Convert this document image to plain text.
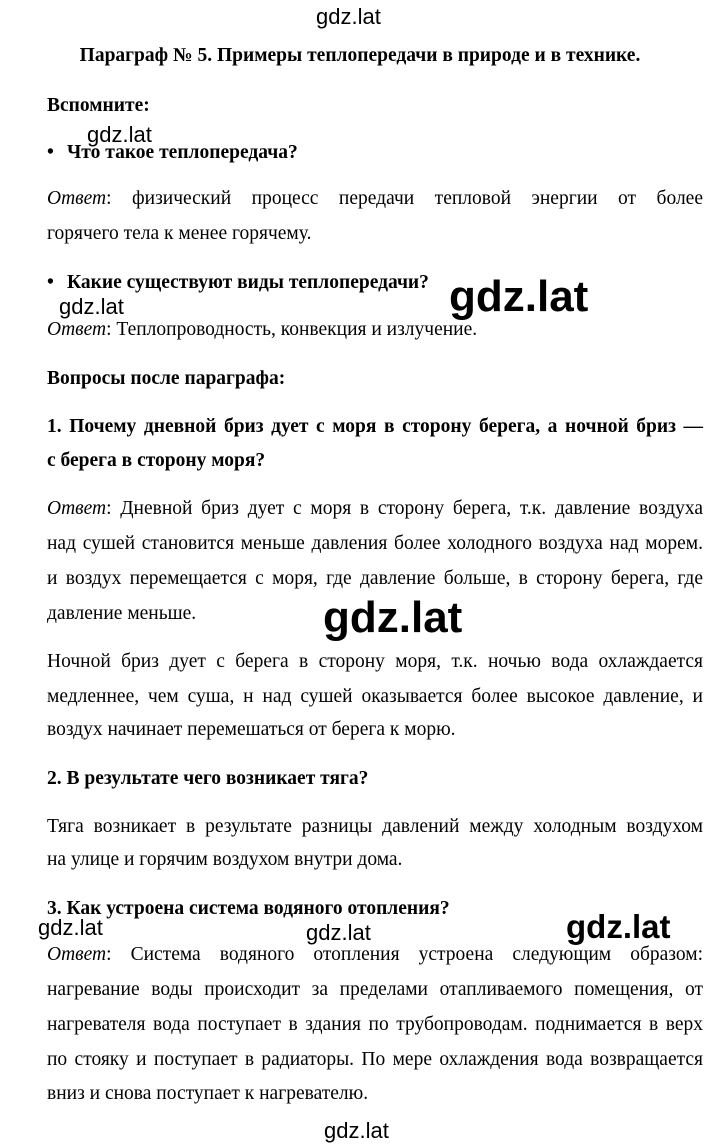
gdz.lat
Параграф № 5. Примеры теплопередачи в природе и в технике.
Вспомните:
• Что такое теплопередача?
Ответ: физический процесс передачи тепловой энергии от более
горячего тела к менее горячему.
• Какие существуют виды теплопередачи?
Ответ: Теплопроводность, конвекция и излучение.
Вопросы после параграфа:
1. Почему дневной бриз дует с моря в сторону берега, а ночной бриз —
с берега в сторону моря?
Ответ: Дневной бриз дует с моря в сторону берега, т.к. давление воздуха
над сушей становится меньше давления более холодного воздуха над морем.
и воздух перемещается с моря, где давление больше, в сторону берега, где
давление меньше.
Ночной бриз дует с берега в сторону моря, т.к. ночью вода охлаждается
медленнее, чем суша, н над сушей оказывается более высокое давление, и
воздух начинает перемешаться от берега к морю.
2. В результате чего возникает тяга?
Тяга возникает в результате разницы давлений между холодным воздухом
на улице и горячим воздухом внутри дома.
3. Как устроена система водяного отопления?
Ответ: Система водяного отопления устроена следующим образом:
нагревание воды происходит за пределами отапливаемого помещения, от
нагревателя вода поступает в здания по трубопроводам. поднимается в верх
по стояку и поступает в радиаторы. По мере охлаждения вода возвращается
вниз и снова поступает к нагревателю.
gdz.lat
gdz.lat	gdz.lat
gdz.lat
gdz.lat	gdz.lat	gdz.lat
gdz.lat
